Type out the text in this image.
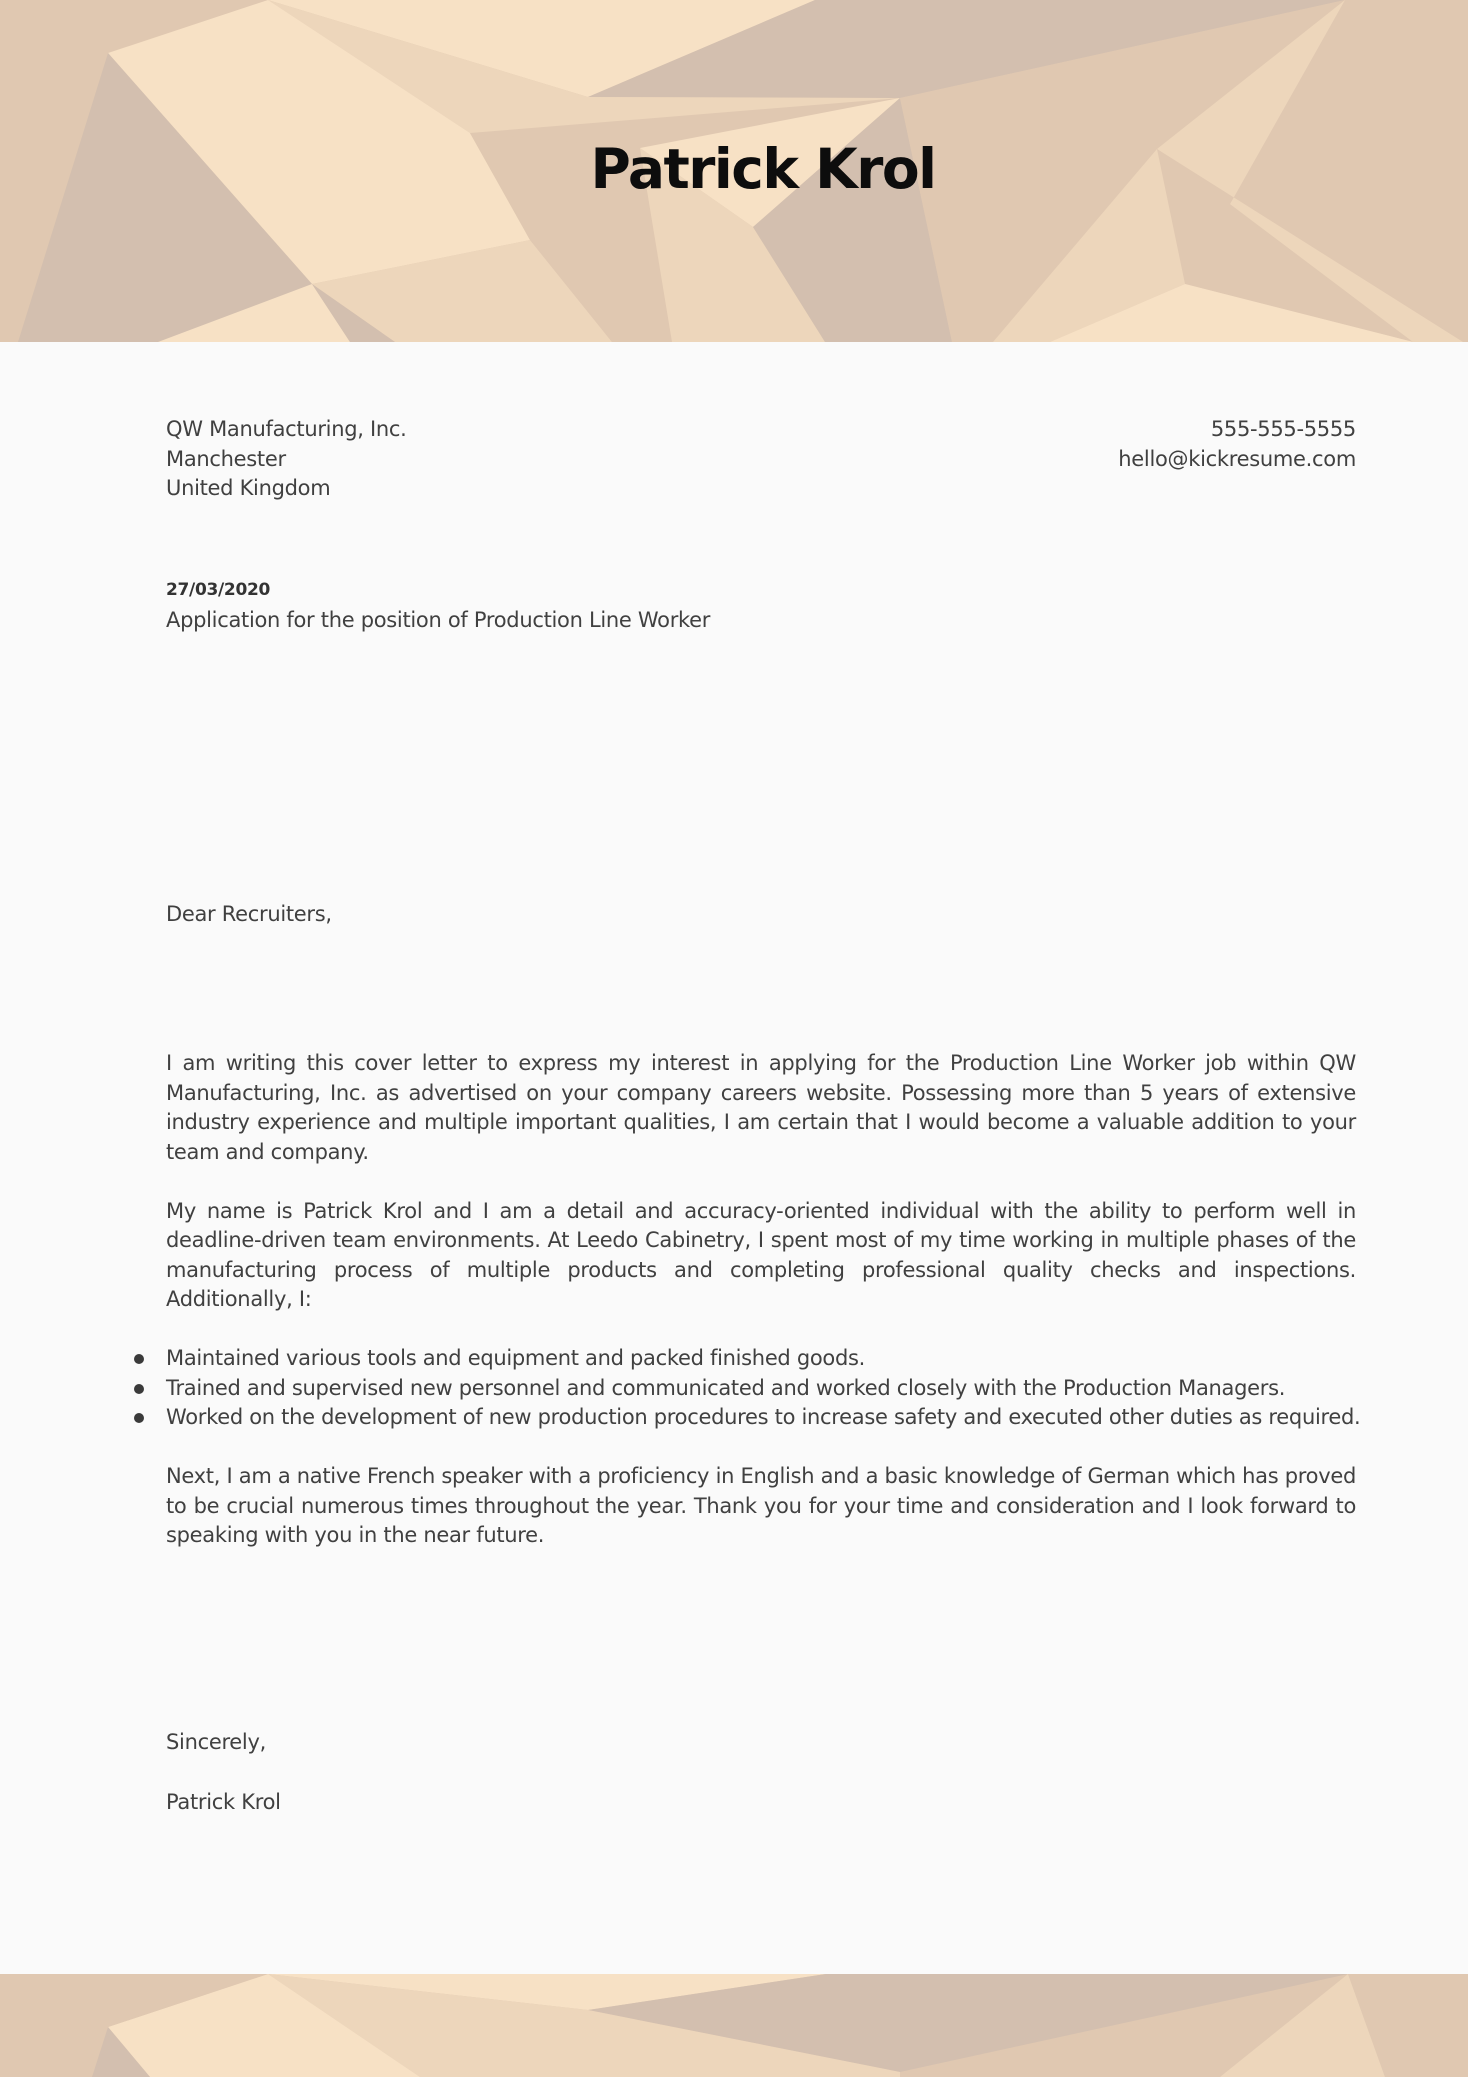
Patrick Krol
QW Manufacturing, Inc.
Manchester
United Kingdom
555-555-5555
hello@kickresume.com
27/03/2020
Application for the position of Production Line Worker
Dear Recruiters,

I am writing this cover letter to express my interest in applying for the Production Line Worker job within QW Manufacturing, Inc. as advertised on your company careers website. Possessing more than 5 years of extensive industry experience and multiple important qualities, I am certain that I would become a valuable addition to your team and company.

My name is Patrick Krol and I am a detail and accuracy-oriented individual with the ability to perform well in deadline-driven team environments. At Leedo Cabinetry, I spent most of my time working in multiple phases of the manufacturing process of multiple products and completing professional quality checks and inspections. Additionally, I:

Maintained various tools and equipment and packed finished goods.
Trained and supervised new personnel and communicated and worked closely with the Production Managers.
Worked on the development of new production procedures to increase safety and executed other duties as required.

Next, I am a native French speaker with a proficiency in English and a basic knowledge of German which has proved to be crucial numerous times throughout the year. Thank you for your time and consideration and I look forward to speaking with you in the near future.

Sincerely,
Patrick Krol
